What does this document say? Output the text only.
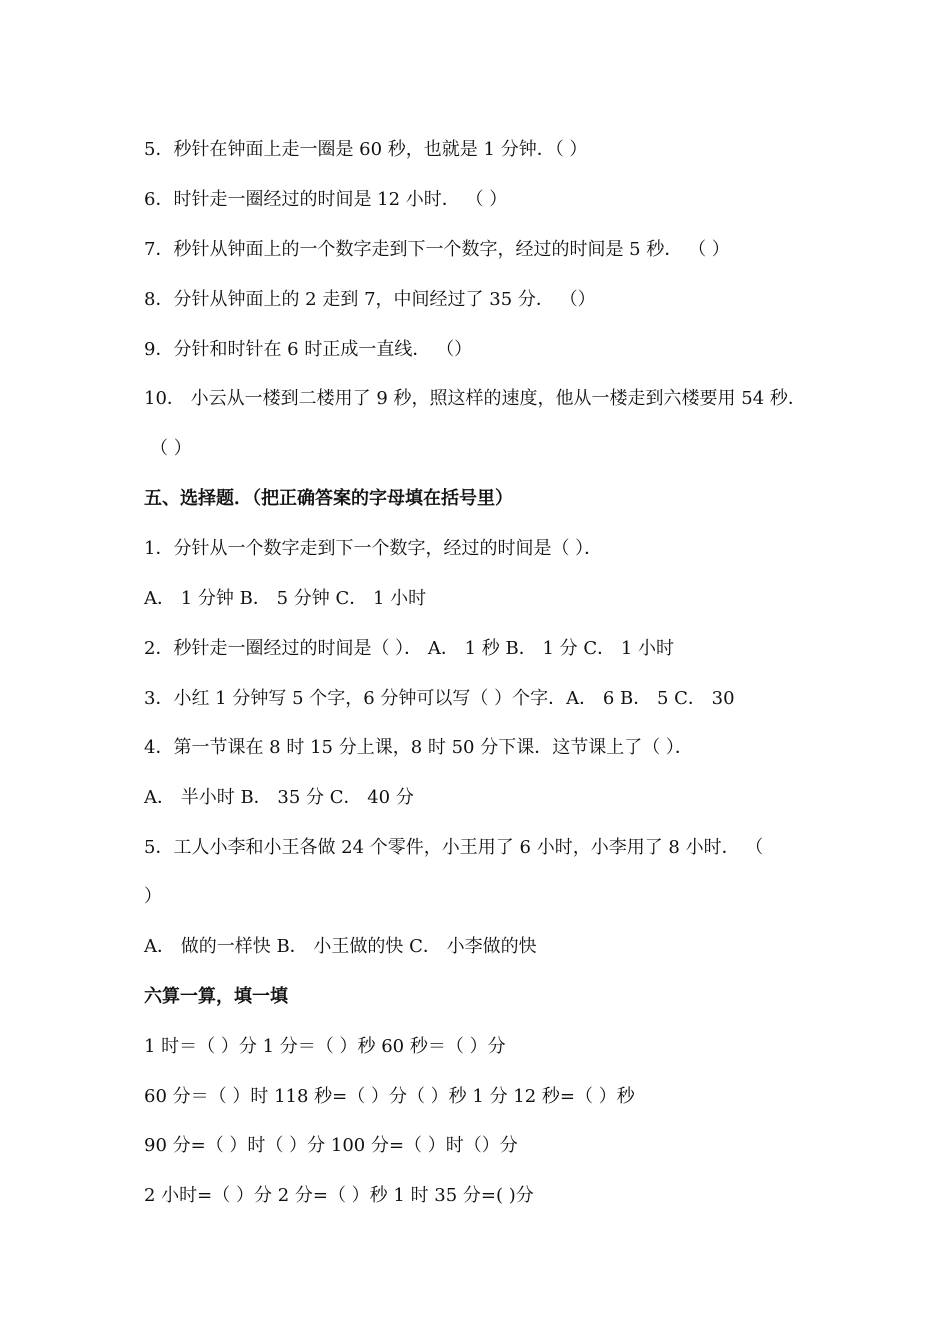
5．秒针在钟面上走一圈是 60 秒，也就是 1 分钟．（ ）
6．时针走一圈经过的时间是 12 小时． （ ）
7．秒针从钟面上的一个数字走到下一个数字，经过的时间是 5 秒． （ ）
8．分针从钟面上的 2 走到 7，中间经过了 35 分． （）
9．分针和时针在 6 时正成一直线． （）
10． 小云从一楼到二楼用了 9 秒，照这样的速度，他从一楼走到六楼要用 54 秒．
（ ）
五、选择题．（把正确答案的字母填在括号里）
1．分针从一个数字走到下一个数字，经过的时间是（ ）．
A． 1 分钟 B． 5 分钟 C． 1 小时
2．秒针走一圈经过的时间是（ ）． A． 1 秒 B． 1 分 C． 1 小时
3．小红 1 分钟写 5 个字，6 分钟可以写（ ）个字．A． 6 B． 5 C． 30
4．第一节课在 8 时 15 分上课，8 时 50 分下课．这节课上了（ ）．
A． 半小时 B． 35 分 C． 40 分
5．工人小李和小王各做 24 个零件，小王用了 6 小时，小李用了 8 小时． （
）
A． 做的一样快 B． 小王做的快 C． 小李做的快
六算一算，填一填
1 时＝（ ）分 1 分＝（ ）秒 60 秒＝（ ）分
60 分＝（ ）时 118 秒=（ ）分（ ）秒 1 分 12 秒=（ ）秒
90 分=（ ）时（ ）分 100 分=（ ）时（）分
2 小时=（ ）分 2 分=（ ）秒 1 时 35 分=( )分
